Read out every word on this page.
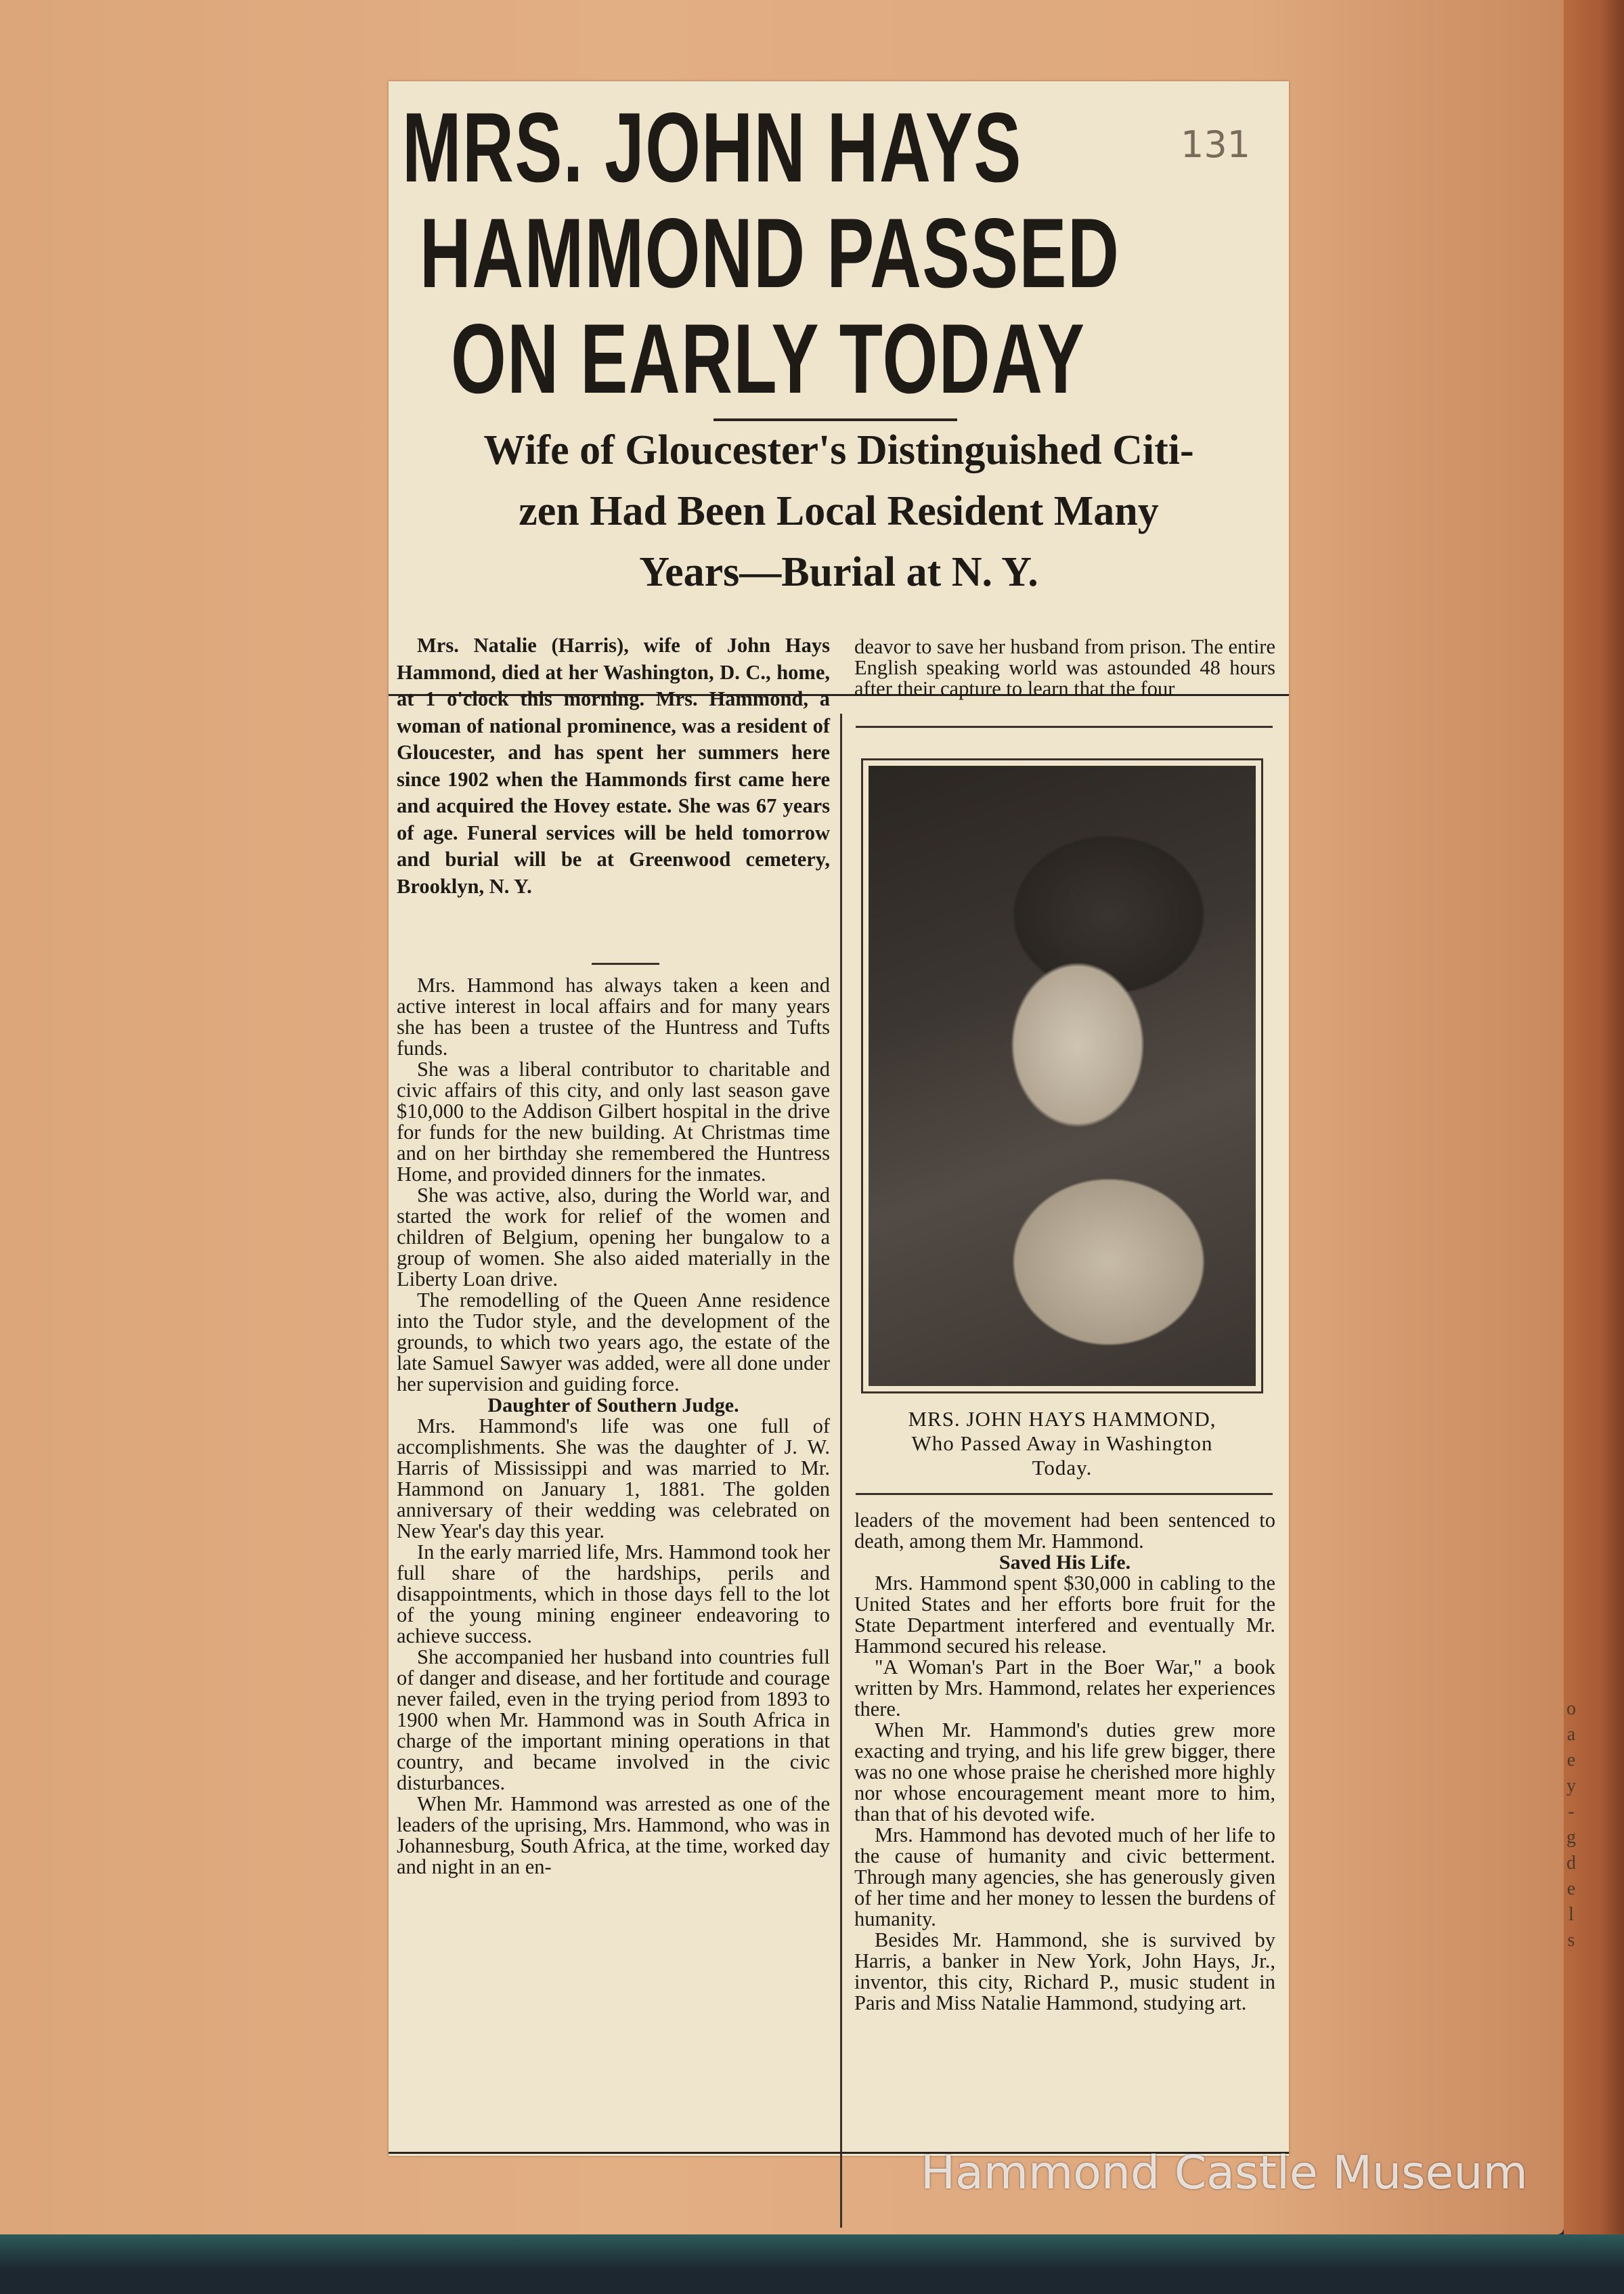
o
a
e
y
-
g
d
e
l
s
MRS. JOHN HAYS
HAMMOND PASSED
ON EARLY TODAY
131
Wife of Gloucester's Distinguished Citi-
zen Had Been Local Resident Many
Years—Burial at N. Y.

Mrs. Natalie (Harris), wife of John Hays Hammond, died at her Washington, D. C., home, at 1 o'clock this morning. Mrs. Hammond, a woman of national prominence, was a resident of Gloucester, and has spent her summers here since 1902 when the Hammonds first came here and acquired the Hovey estate. She was 67 years of age. Funeral services will be held tomorrow and burial will be at Greenwood cemetery, Brooklyn, N. Y.

Mrs. Hammond has always taken a keen and active interest in local affairs and for many years she has been a trustee of the Huntress and Tufts funds.

She was a liberal contributor to charitable and civic affairs of this city, and only last season gave $10,000 to the Addison Gilbert hospital in the drive for funds for the new building. At Christmas time and on her birthday she remembered the Huntress Home, and provided dinners for the inmates.

She was active, also, during the World war, and started the work for relief of the women and children of Belgium, opening her bungalow to a group of women. She also aided materially in the Liberty Loan drive.

The remodelling of the Queen Anne residence into the Tudor style, and the development of the grounds, to which two years ago, the estate of the late Samuel Sawyer was added, were all done under her supervision and guiding force.

Daughter of Southern Judge.

Mrs. Hammond's life was one full of accomplishments. She was the daughter of J. W. Harris of Mississippi and was married to Mr. Hammond on January 1, 1881. The golden anniversary of their wedding was celebrated on New Year's day this year.

In the early married life, Mrs. Hammond took her full share of the hardships, perils and disappointments, which in those days fell to the lot of the young mining engineer endeavoring to achieve success.

She accompanied her husband into countries full of danger and disease, and her fortitude and courage never failed, even in the trying period from 1893 to 1900 when Mr. Hammond was in South Africa in charge of the important mining operations in that country, and became involved in the civic disturbances.

When Mr. Hammond was arrested as one of the leaders of the uprising, Mrs. Hammond, who was in Johannesburg, South Africa, at the time, worked day and night in an en-

deavor to save her husband from prison. The entire English speaking world was astounded 48 hours after their capture to learn that the four

MRS. JOHN HAYS HAMMOND,
Who Passed Away in Washington
Today.

leaders of the movement had been sentenced to death, among them Mr. Hammond.

Saved His Life.

Mrs. Hammond spent $30,000 in cabling to the United States and her efforts bore fruit for the State Department interfered and eventually Mr. Hammond secured his release.

"A Woman's Part in the Boer War," a book written by Mrs. Hammond, relates her experiences there.

When Mr. Hammond's duties grew more exacting and trying, and his life grew bigger, there was no one whose praise he cherished more highly nor whose encouragement meant more to him, than that of his devoted wife.

Mrs. Hammond has devoted much of her life to the cause of humanity and civic betterment. Through many agencies, she has generously given of her time and her money to lessen the burdens of humanity.

Besides Mr. Hammond, she is survived by Harris, a banker in New York, John Hays, Jr., inventor, this city, Richard P., music student in Paris and Miss Natalie Hammond, studying art.

Hammond Castle Museum
